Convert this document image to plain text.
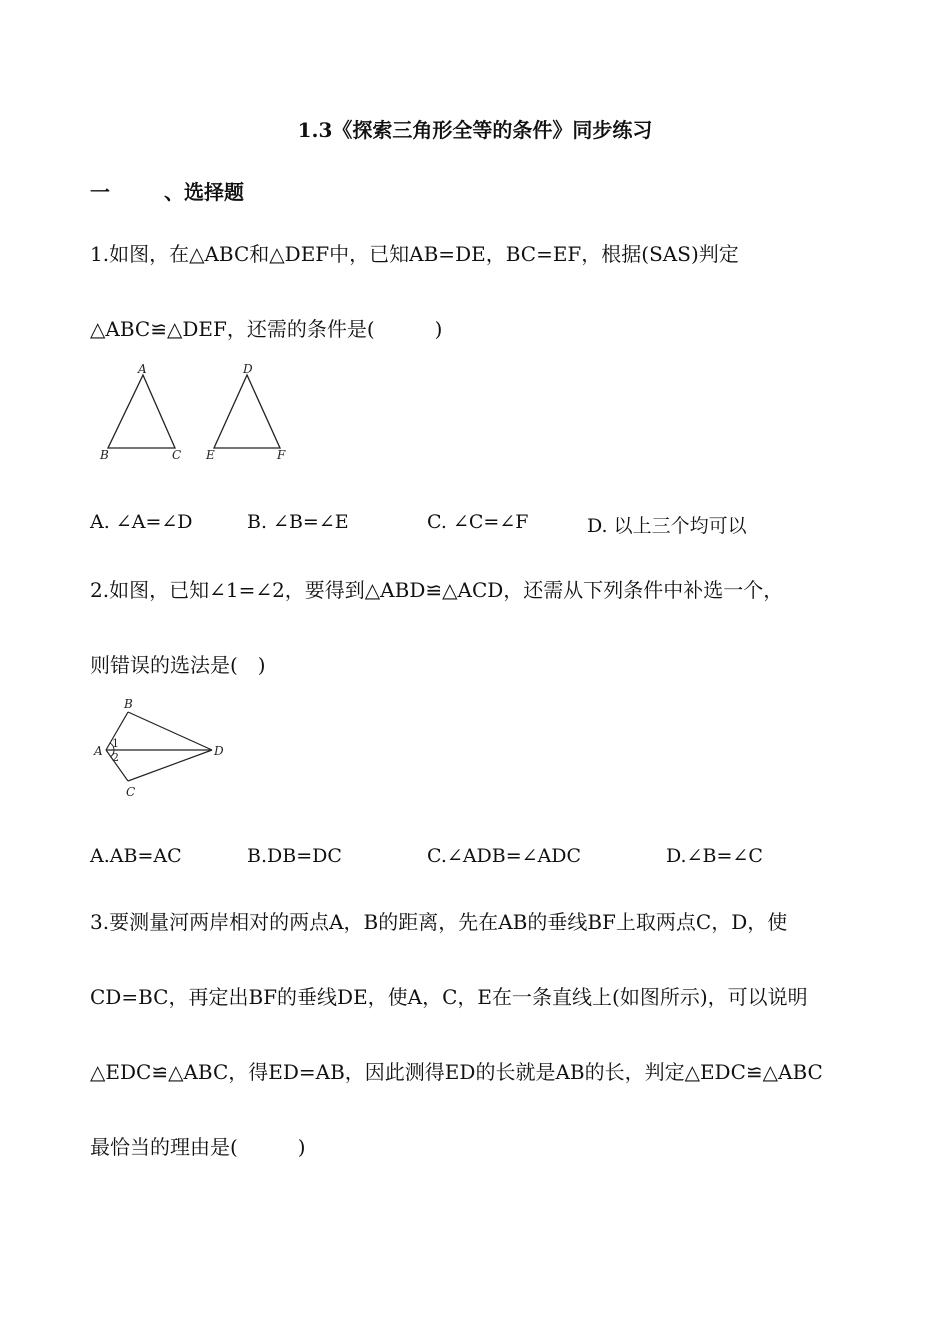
1.3《探索三角形全等的条件》同步练习
一	、选择题
1.如图，在△ABC和△DEF中，已知AB=DE，BC=EF，根据(SAS)判定
△ABC≌△DEF，还需的条件是(　　　)
A
B	C
D
E	F
A. ∠A=∠D	B. ∠B=∠E	C. ∠C=∠F	D. 以上三个均可以
2.如图，已知∠1=∠2，要得到△ABD≌△ACD，还需从下列条件中补选一个，
则错误的选法是(　)
B
A	D
C
1
2
A.AB=AC	B.DB=DC	C.∠ADB=∠ADC	D.∠B=∠C
3.要测量河两岸相对的两点A，B的距离，先在AB的垂线BF上取两点C，D，使
CD=BC，再定出BF的垂线DE，使A，C，E在一条直线上(如图所示)，可以说明
△EDC≌△ABC，得ED=AB，因此测得ED的长就是AB的长，判定△EDC≌△ABC
最恰当的理由是(　　　)
